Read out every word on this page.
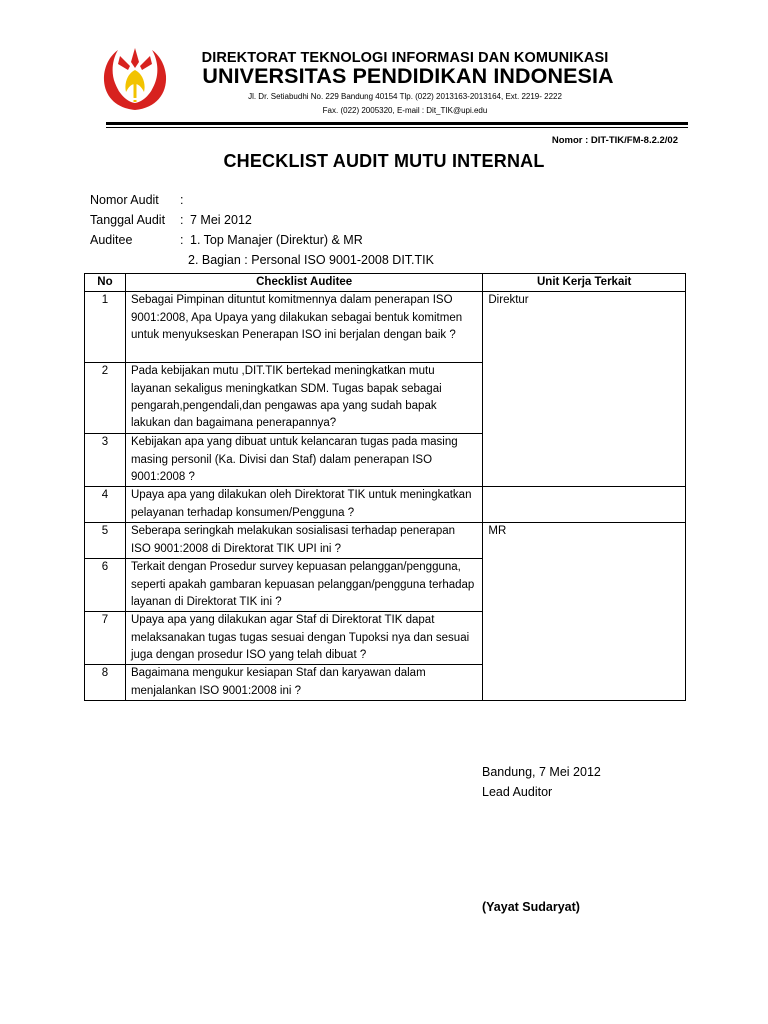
DIREKTORAT TEKNOLOGI INFORMASI DAN KOMUNIKASI
UNIVERSITAS PENDIDIKAN INDONESIA
Jl. Dr. Setiabudhi No. 229 Bandung 40154 Tlp. (022) 2013163-2013164, Ext. 2219- 2222
Fax. (022) 2005320, E-mail : Dit_TIK@upi.edu
Nomor : DIT-TIK/FM-8.2.2/02
CHECKLIST AUDIT MUTU INTERNAL
Nomor Audit :
Tanggal Audit : 7 Mei 2012
Auditee	: 1. Top Manajer (Direktur) & MR
2. Bagian : Personal ISO 9001-2008 DIT.TIK
No	Checklist Auditee	Unit Kerja Terkait
1	Sebagai Pimpinan dituntut komitmennya dalam penerapan ISO 9001:2008, Apa Upaya yang dilakukan sebagai bentuk komitmen untuk menyukseskan Penerapan ISO ini berjalan dengan baik ?	Direktur
2	Pada kebijakan mutu ,DIT.TIK bertekad meningkatkan mutu layanan sekaligus meningkatkan SDM. Tugas bapak sebagai pengarah,pengendali,dan pengawas apa yang sudah bapak lakukan dan bagaimana penerapannya?	
3	Kebijakan apa yang dibuat untuk kelancaran tugas pada masing masing personil (Ka. Divisi dan Staf) dalam penerapan ISO 9001:2008 ?	
4	Upaya apa yang dilakukan oleh Direktorat TIK untuk meningkatkan pelayanan terhadap konsumen/Pengguna ?	
5	Seberapa seringkah melakukan sosialisasi terhadap penerapan ISO 9001:2008 di Direktorat TIK UPI ini ?	MR
6	Terkait dengan Prosedur survey kepuasan pelanggan/pengguna, seperti apakah gambaran kepuasan pelanggan/pengguna terhadap layanan di Direktorat TIK ini ?	
7	Upaya apa yang dilakukan agar Staf di Direktorat TIK dapat melaksanakan tugas tugas sesuai dengan Tupoksi nya dan sesuai juga dengan prosedur ISO yang telah dibuat ?	
8	Bagaimana mengukur kesiapan Staf dan karyawan dalam menjalankan ISO 9001:2008 ini ?	
Bandung, 7 Mei 2012
Lead Auditor
(Yayat Sudaryat)
